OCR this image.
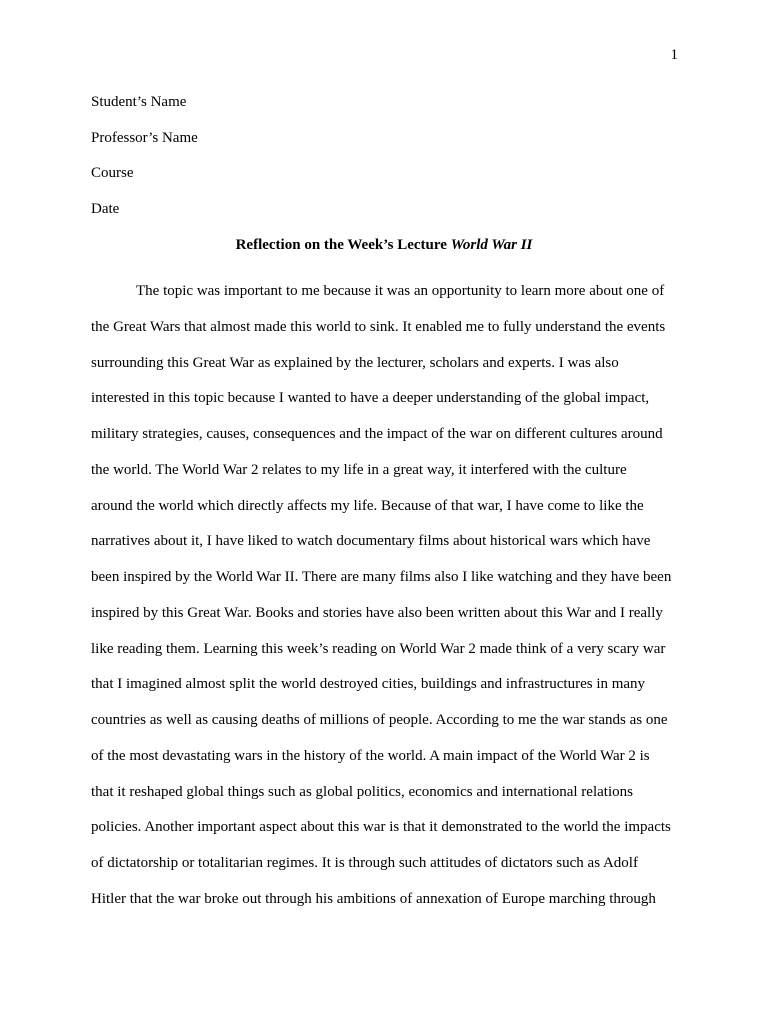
1
Student’s Name
Professor’s Name
Course
Date
Reflection on the Week’s Lecture World War II
The topic was important to me because it was an opportunity to learn more about one of
the Great Wars that almost made this world to sink. It enabled me to fully understand the events
surrounding this Great War as explained by the lecturer, scholars and experts. I was also
interested in this topic because I wanted to have a deeper understanding of the global impact,
military strategies, causes, consequences and the impact of the war on different cultures around
the world. The World War 2 relates to my life in a great way, it interfered with the culture
around the world which directly affects my life. Because of that war, I have come to like the
narratives about it, I have liked to watch documentary films about historical wars which have
been inspired by the World War II. There are many films also I like watching and they have been
inspired by this Great War. Books and stories have also been written about this War and I really
like reading them. Learning this week’s reading on World War 2 made think of a very scary war
that I imagined almost split the world destroyed cities, buildings and infrastructures in many
countries as well as causing deaths of millions of people. According to me the war stands as one
of the most devastating wars in the history of the world. A main impact of the World War 2 is
that it reshaped global things such as global politics, economics and international relations
policies. Another important aspect about this war is that it demonstrated to the world the impacts
of dictatorship or totalitarian regimes. It is through such attitudes of dictators such as Adolf
Hitler that the war broke out through his ambitions of annexation of Europe marching through
